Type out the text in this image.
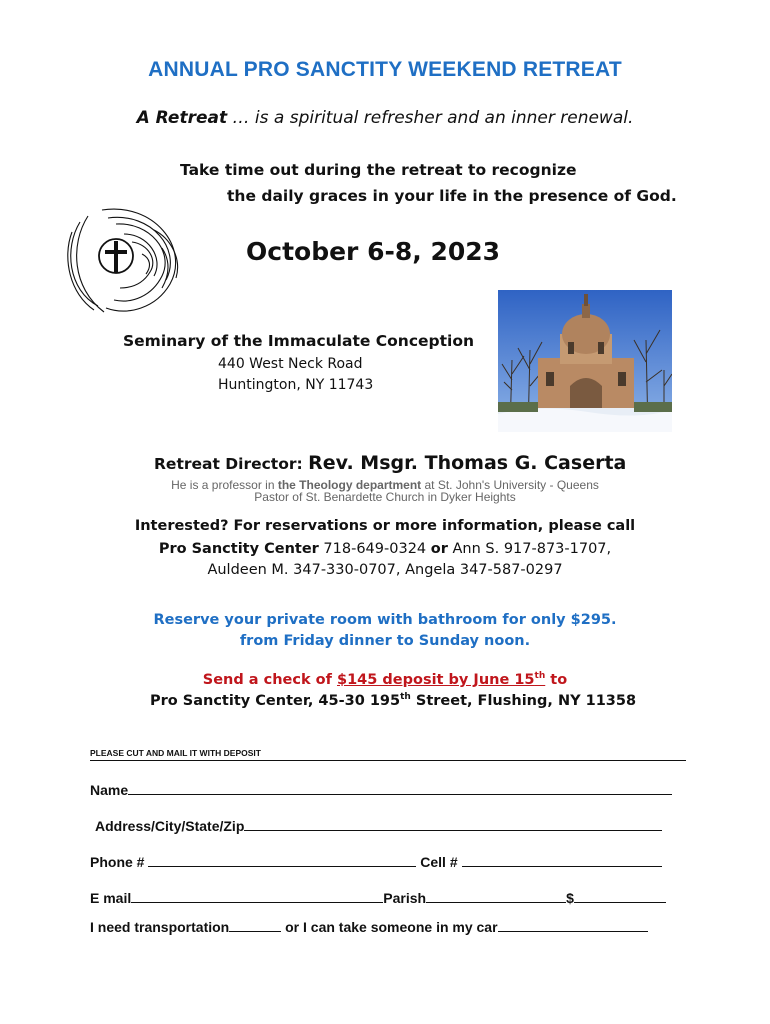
ANNUAL PRO SANCTITY WEEKEND RETREAT
A Retreat … is a spiritual refresher and an inner renewal.
Take time out during the retreat to recognize
the daily graces in your life in the presence of God.
October 6-8, 2023
Seminary of the Immaculate Conception
440 West Neck Road
Huntington, NY 11743
Retreat Director: Rev. Msgr. Thomas G. Caserta
He is a professor in the Theology department at St. John's University - Queens
Pastor of St. Benardette Church in Dyker Heights
Interested? For reservations or more information, please call
Pro Sanctity Center 718-649-0324 or Ann S. 917-873-1707,
Auldeen M. 347-330-0707, Angela 347-587-0297
Reserve your private room with bathroom for only $295.
from Friday dinner to Sunday noon.
Send a check of $145 deposit by June 15th to
Pro Sanctity Center, 45-30 195th Street, Flushing, NY 11358
PLEASE CUT AND MAIL IT WITH DEPOSIT
Name
Address/City/State/Zip
Phone #	Cell #
E mail	Parish	$
I need transportation	or I can take someone in my car
